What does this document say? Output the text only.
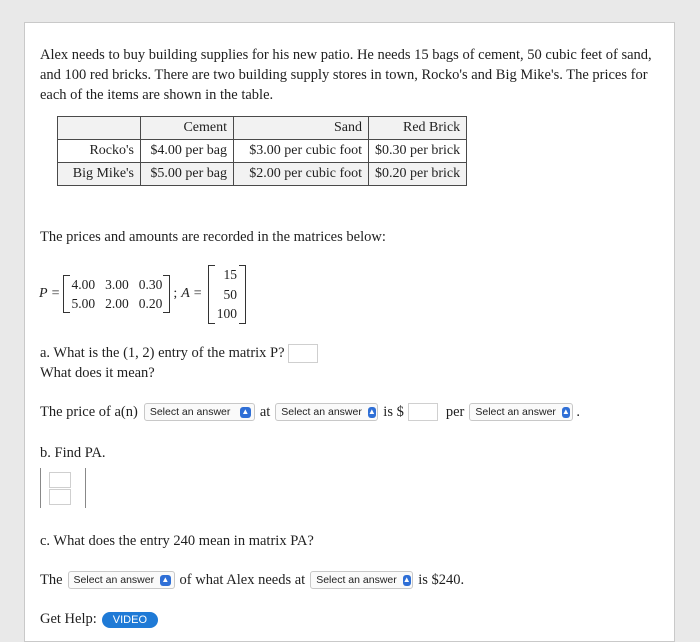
Alex needs to buy building supplies for his new patio. He needs 15 bags of cement, 50 cubic feet of sand, and 100 red bricks. There are two building supply stores in town, Rocko's and Big Mike's. The prices for each of the items are shown in the table.
	Cement	Sand	Red Brick
Rocko's	$4.00 per bag	$3.00 per cubic foot	$0.30 per brick
Big Mike's	$5.00 per bag	$2.00 per cubic foot	$0.20 per brick
The prices and amounts are recorded in the matrices below:
P =
4.00 3.00 0.30
5.00 2.00 0.20
; A =
15
50
100
a. What is the (1, 2) entry of the matrix P?
What does it mean?
The price of a(n) Select an answer ▲ at Select an answer ▲ is $	per Select an answer ▲ .
b. Find PA.
c. What does the entry 240 mean in matrix PA?
The Select an answer ▲ of what Alex needs at Select an answer ▲ is $240.
Get Help:	VIDEO
